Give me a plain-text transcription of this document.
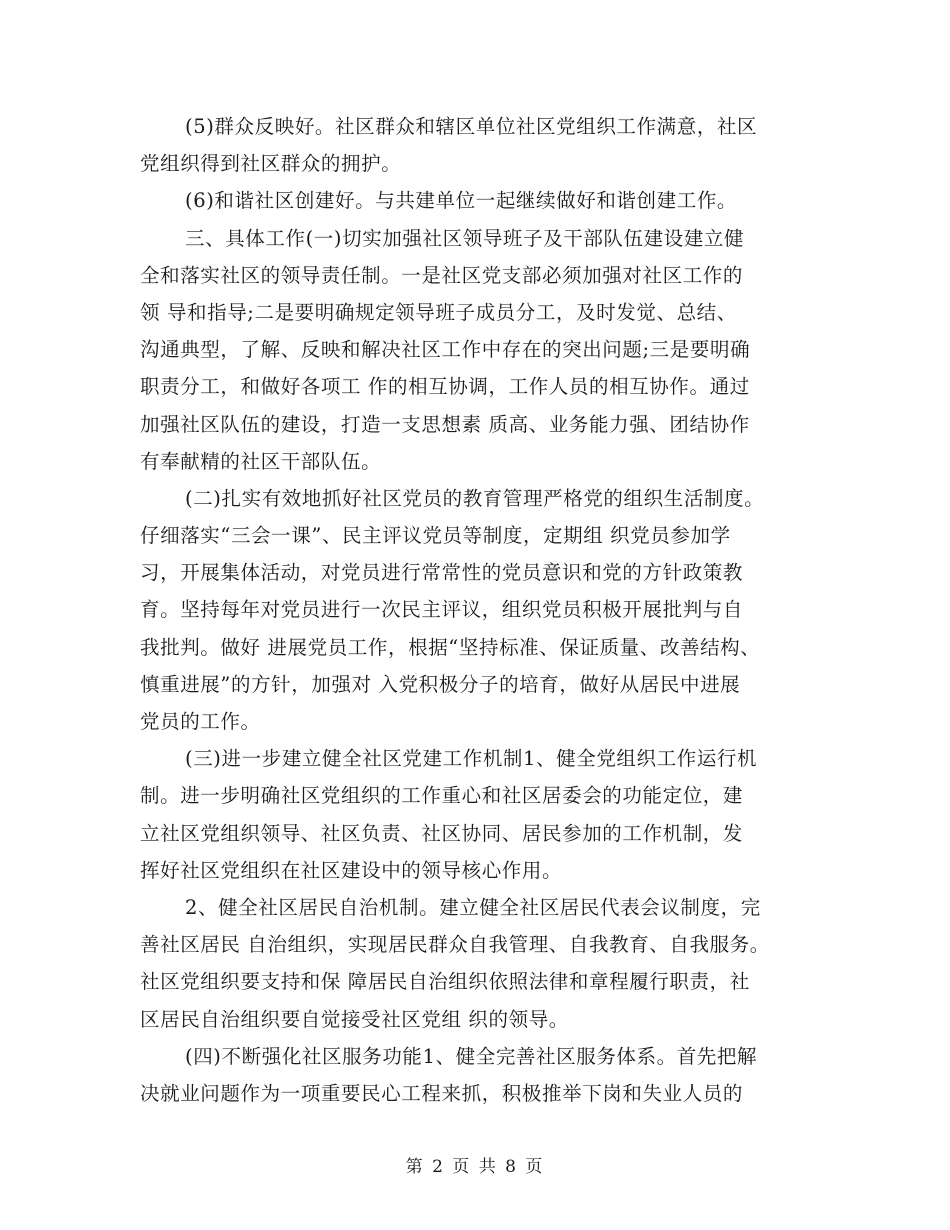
(5)群众反映好。社区群众和辖区单位社区党组织工作满意，社区
党组织得到社区群众的拥护。
(6)和谐社区创建好。与共建单位一起继续做好和谐创建工作。
三、具体工作(一)切实加强社区领导班子及干部队伍建设建立健
全和落实社区的领导责任制。一是社区党支部必须加强对社区工作的
领 导和指导;二是要明确规定领导班子成员分工，及时发觉、总结、
沟通典型，了解、反映和解决社区工作中存在的突出问题;三是要明确
职责分工，和做好各项工 作的相互协调，工作人员的相互协作。通过
加强社区队伍的建设，打造一支思想素 质高、业务能力强、团结协作
有奉献精的社区干部队伍。
(二)扎实有效地抓好社区党员的教育管理严格党的组织生活制度。
仔细落实“三会一课”、民主评议党员等制度，定期组 织党员参加学
习，开展集体活动，对党员进行常常性的党员意识和党的方针政策教
育。坚持每年对党员进行一次民主评议，组织党员积极开展批判与自
我批判。做好 进展党员工作，根据“坚持标准、保证质量、改善结构、
慎重进展”的方针，加强对 入党积极分子的培育，做好从居民中进展
党员的工作。
(三)进一步建立健全社区党建工作机制1、健全党组织工作运行机
制。进一步明确社区党组织的工作重心和社区居委会的功能定位，建
立社区党组织领导、社区负责、社区协同、居民参加的工作机制，发
挥好社区党组织在社区建设中的领导核心作用。
2、健全社区居民自治机制。建立健全社区居民代表会议制度，完
善社区居民 自治组织，实现居民群众自我管理、自我教育、自我服务。
社区党组织要支持和保 障居民自治组织依照法律和章程履行职责，社
区居民自治组织要自觉接受社区党组 织的领导。
(四)不断强化社区服务功能1、健全完善社区服务体系。首先把解
决就业问题作为一项重要民心工程来抓，积极推举下岗和失业人员的
第 2 页 共 8 页
